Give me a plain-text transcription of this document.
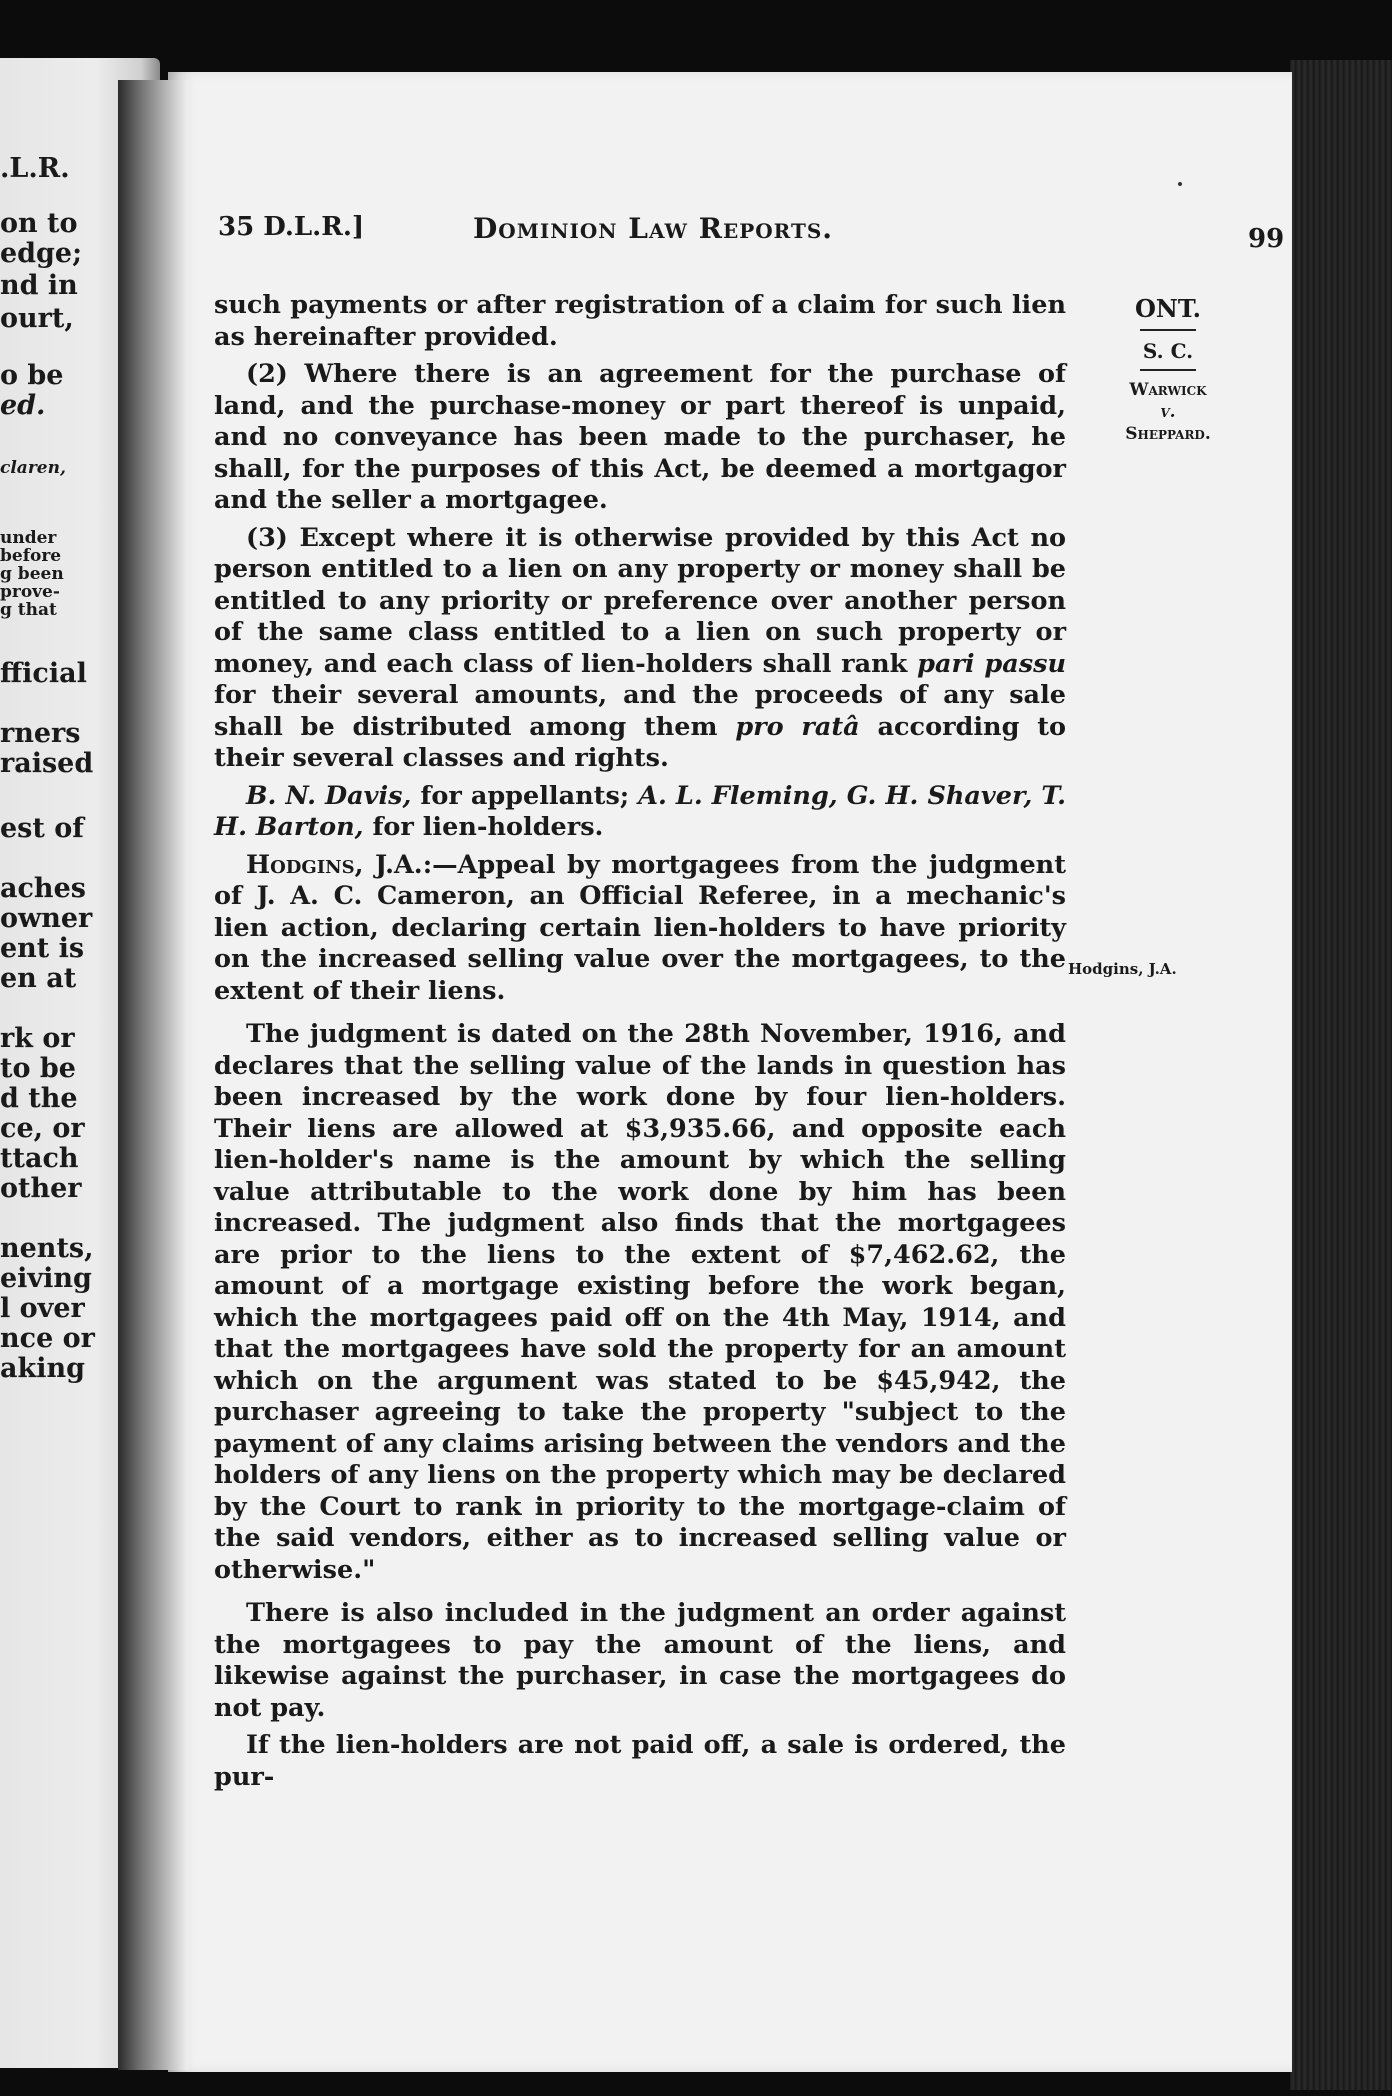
.L.R.
on to
edge;
nd in
ourt,
o be
ed.
claren,
under
before
g been
prove-
g that
fficial
rners
raised
est of
aches
owner
ent is
en at
rk or
to be
d the
ce, or
ttach
other
nents,
eiving
l over
nce or
aking
35 D.L.R.]	Dominion Law Reports.	99

such payments or after registration of a claim for such lien as hereinafter provided.

(2) Where there is an agreement for the purchase of land, and the purchase-money or part thereof is unpaid, and no conveyance has been made to the purchaser, he shall, for the purposes of this Act, be deemed a mortgagor and the seller a mortgagee.

(3) Except where it is otherwise provided by this Act no person entitled to a lien on any property or money shall be entitled to any priority or preference over another person of the same class entitled to a lien on such property or money, and each class of lien-holders shall rank pari passu for their several amounts, and the proceeds of any sale shall be distributed among them pro ratâ according to their several classes and rights.

B. N. Davis, for appellants; A. L. Fleming, G. H. Shaver, T. H. Barton, for lien-holders.

Hodgins, J.A.:—Appeal by mortgagees from the judgment of J. A. C. Cameron, an Official Referee, in a mechanic's lien action, declaring certain lien-holders to have priority on the increased selling value over the mortgagees, to the extent of their liens.

The judgment is dated on the 28th November, 1916, and declares that the selling value of the lands in question has been increased by the work done by four lien-holders. Their liens are allowed at $3,935.66, and opposite each lien-holder's name is the amount by which the selling value attributable to the work done by him has been increased. The judgment also finds that the mortgagees are prior to the liens to the extent of $7,462.62, the amount of a mortgage existing before the work began, which the mortgagees paid off on the 4th May, 1914, and that the mortgagees have sold the property for an amount which on the argument was stated to be $45,942, the purchaser agreeing to take the property "subject to the payment of any claims arising between the vendors and the holders of any liens on the property which may be declared by the Court to rank in priority to the mortgage-claim of the said vendors, either as to increased selling value or otherwise."

There is also included in the judgment an order against the mortgagees to pay the amount of the liens, and likewise against the purchaser, in case the mortgagees do not pay.

If the lien-holders are not paid off, a sale is ordered, the pur-

ONT.
S. C.
Warwick
v.
Sheppard.
Hodgins, J.A.
